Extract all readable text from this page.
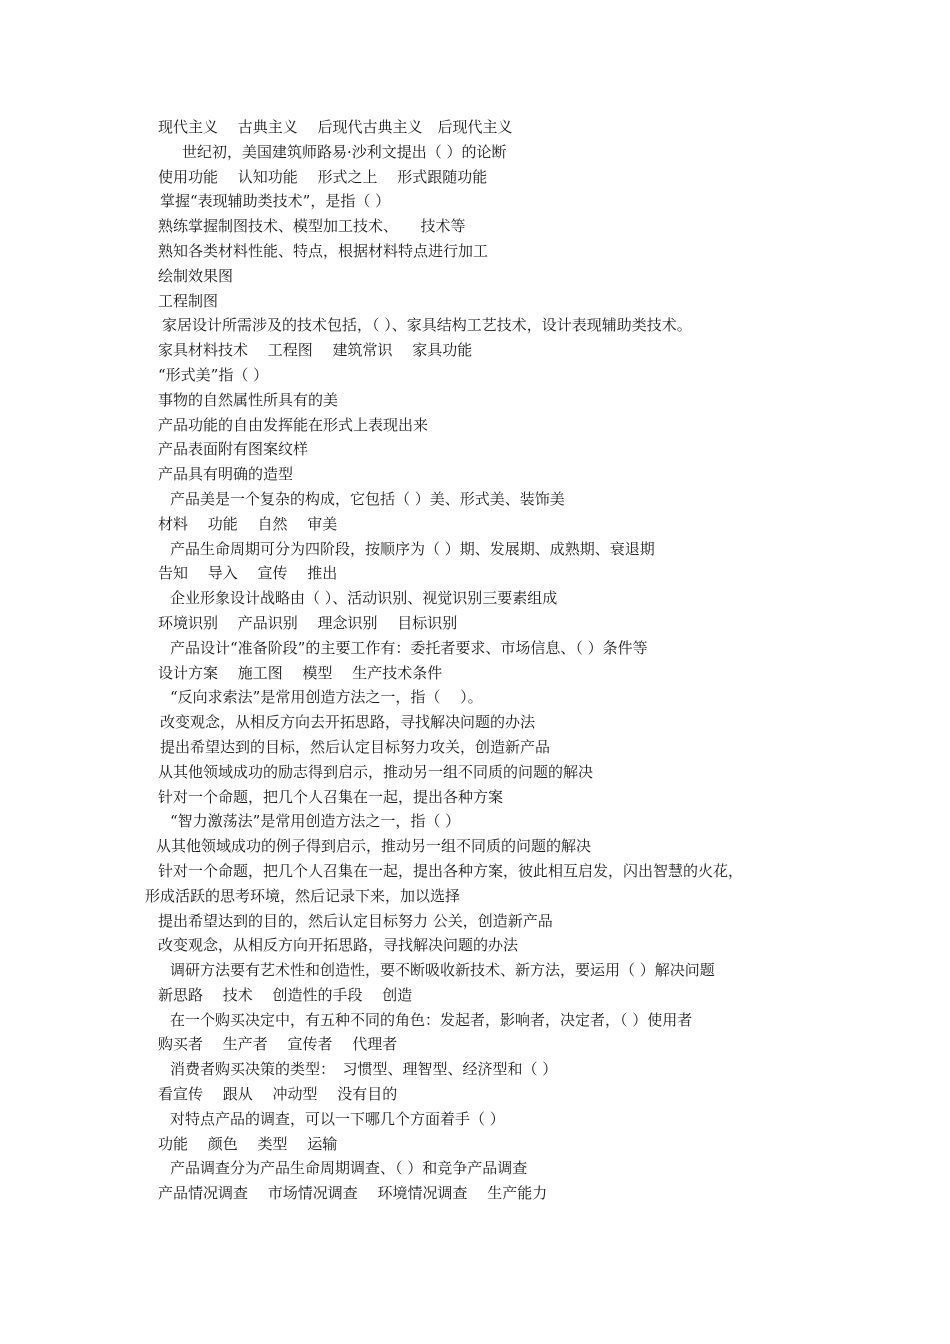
现代主义　 古典主义　 后现代古典主义　后现代主义
世纪初，美国建筑师路易·沙利文提出（ ）的论断
使用功能　 认知功能　 形式之上　 形式跟随功能
掌握“表现辅助类技术”，是指（ ）
熟练掌握制图技术、模型加工技术、　　技术等
熟知各类材料性能、特点，根据材料特点进行加工
绘制效果图
工程制图
家居设计所需涉及的技术包括，（ ）、家具结构工艺技术，设计表现辅助类技术。
家具材料技术　 工程图　 建筑常识　 家具功能
“形式美”指（ ）
事物的自然属性所具有的美
产品功能的自由发挥能在形式上表现出来
产品表面附有图案纹样
产品具有明确的造型
产品美是一个复杂的构成，它包括（ ）美、形式美、装饰美
材料　 功能　 自然　 审美
产品生命周期可分为四阶段，按顺序为（ ）期、发展期、成熟期、衰退期
告知　 导入　 宣传　 推出
企业形象设计战略由（ ）、活动识别、视觉识别三要素组成
环境识别　 产品识别　 理念识别　 目标识别
产品设计“准备阶段”的主要工作有：委托者要求、市场信息、（ ）条件等
设计方案　 施工图　 模型　 生产技术条件
“反向求索法”是常用创造方法之一，指（　 ）。
改变观念，从相反方向去开拓思路，寻找解决问题的办法
提出希望达到的目标，然后认定目标努力攻关，创造新产品
从其他领域成功的励志得到启示，推动另一组不同质的问题的解决
针对一个命题，把几个人召集在一起，提出各种方案
“智力激荡法”是常用创造方法之一，指（ ）
从其他领域成功的例子得到启示，推动另一组不同质的问题的解决
针对一个命题，把几个人召集在一起，提出各种方案，彼此相互启发，闪出智慧的火花，
形成活跃的思考环境，然后记录下来，加以选择
提出希望达到的目的，然后认定目标努力 公关，创造新产品
改变观念，从相反方向开拓思路，寻找解决问题的办法
调研方法要有艺术性和创造性，要不断吸收新技术、新方法，要运用（ ）解决问题
新思路　 技术　 创造性的手段　 创造
在一个购买决定中，有五种不同的角色：发起者，影响者，决定者，（ ）使用者
购买者　 生产者　 宣传者　 代理者
消费者购买决策的类型：　习惯型、理智型、经济型和（ ）
看宣传　 跟从　 冲动型　 没有目的
对特点产品的调查，可以一下哪几个方面着手（ ）
功能　 颜色　 类型　 运输
产品调查分为产品生命周期调查、（ ）和竞争产品调查
产品情况调查　 市场情况调查　 环境情况调查　 生产能力
